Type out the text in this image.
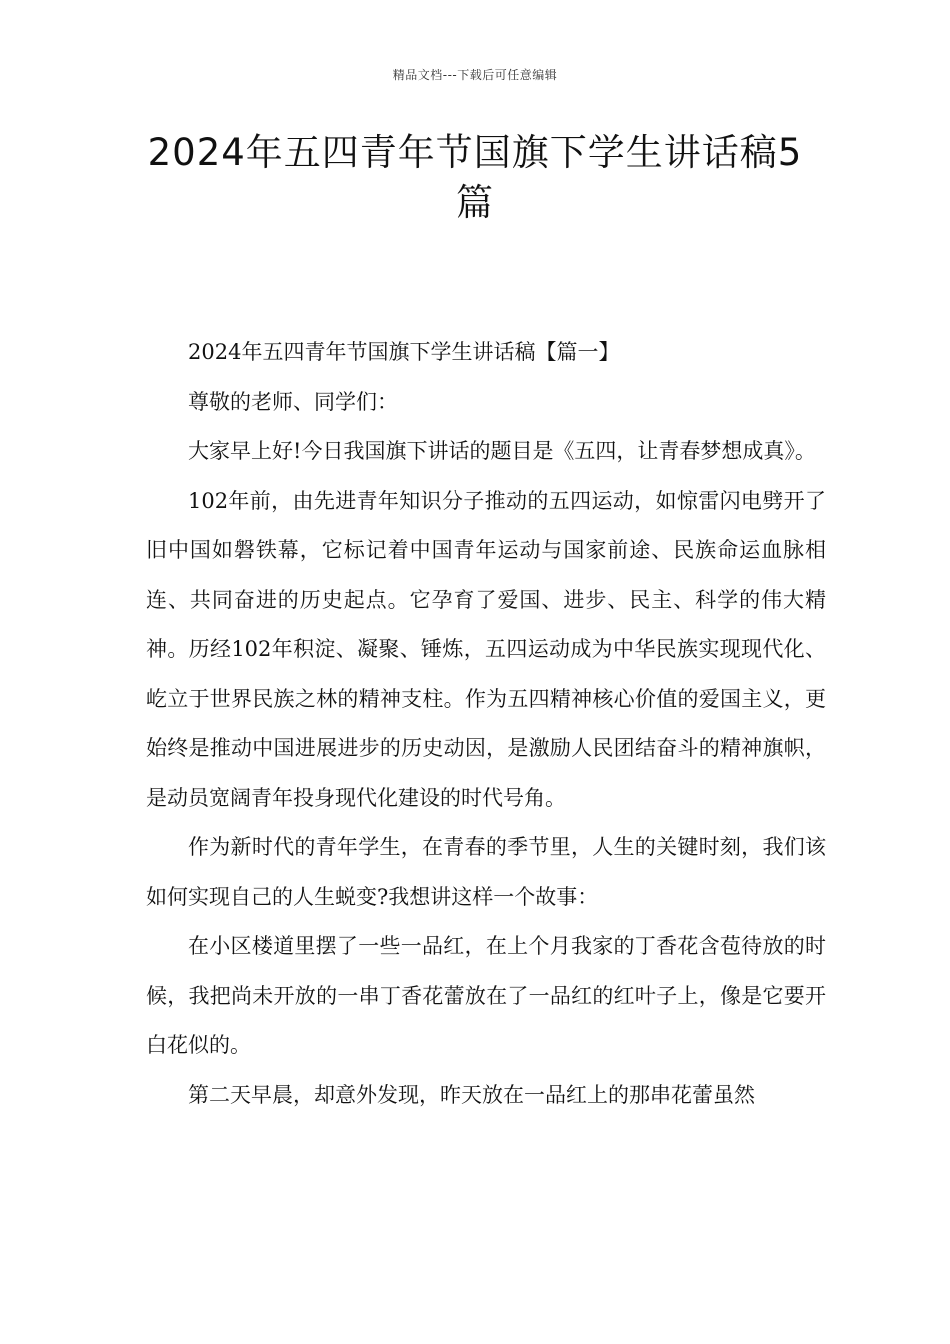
精品文档---下载后可任意编辑
2024年五四青年节国旗下学生讲话稿5篇

2024年五四青年节国旗下学生讲话稿【篇一】

尊敬的老师、同学们：

大家早上好!今日我国旗下讲话的题目是《五四，让青春梦想成真》。

102年前，由先进青年知识分子推动的五四运动，如惊雷闪电劈开了旧中国如磐铁幕，它标记着中国青年运动与国家前途、民族命运血脉相连、共同奋进的历史起点。它孕育了爱国、进步、民主、科学的伟大精神。历经102年积淀、凝聚、锤炼，五四运动成为中华民族实现现代化、屹立于世界民族之林的精神支柱。作为五四精神核心价值的爱国主义，更始终是推动中国进展进步的历史动因，是激励人民团结奋斗的精神旗帜，是动员宽阔青年投身现代化建设的时代号角。

作为新时代的青年学生，在青春的季节里，人生的关键时刻，我们该如何实现自己的人生蜕变?我想讲这样一个故事：

在小区楼道里摆了一些一品红，在上个月我家的丁香花含苞待放的时候，我把尚未开放的一串丁香花蕾放在了一品红的红叶子上，像是它要开白花似的。

第二天早晨，却意外发现，昨天放在一品红上的那串花蕾虽然
